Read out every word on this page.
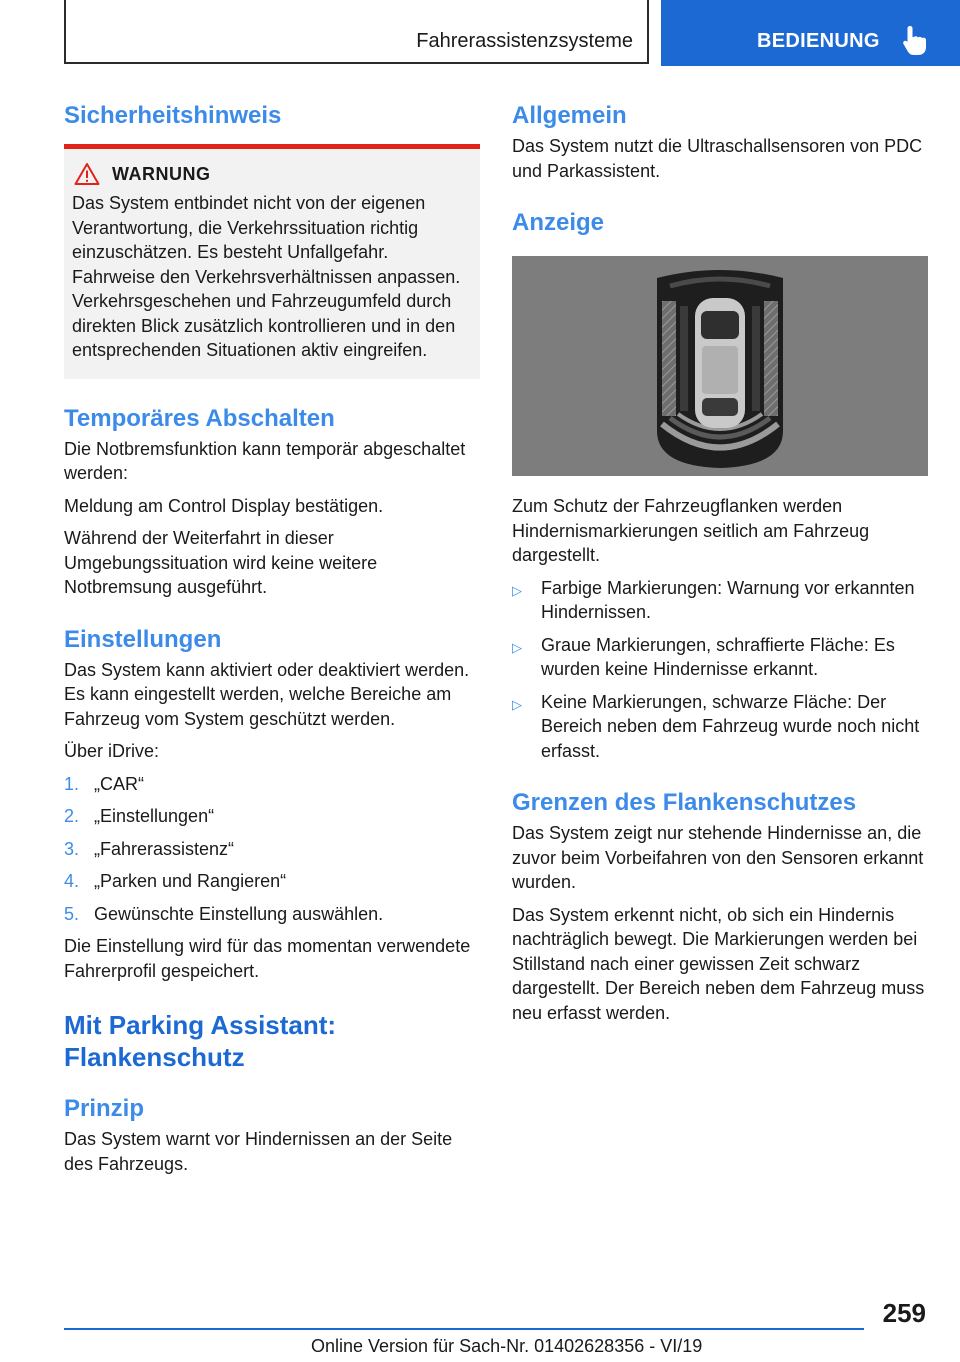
Fahrerassistenzsysteme	BEDIENUNG
Sicherheitshinweis
WARNUNG
Das System entbindet nicht von der eigenen Verantwortung, die Verkehrssituation richtig einzuschätzen. Es besteht Unfallgefahr. Fahrweise den Verkehrsverhältnissen anpassen. Verkehrsgeschehen und Fahrzeugumfeld durch direkten Blick zusätzlich kontrollieren und in den entsprechenden Situationen aktiv eingreifen.
Temporäres Abschalten
Die Notbremsfunktion kann temporär abgeschaltet werden:
Meldung am Control Display bestätigen.
Während der Weiterfahrt in dieser Umgebungssituation wird keine weitere Notbremsung ausgeführt.
Einstellungen
Das System kann aktiviert oder deaktiviert werden. Es kann eingestellt werden, welche Bereiche am Fahrzeug vom System geschützt werden.
Über iDrive:
1. „CAR“
2. „Einstellungen“
3. „Fahrerassistenz“
4. „Parken und Rangieren“
5. Gewünschte Einstellung auswählen.
Die Einstellung wird für das momentan verwendete Fahrerprofil gespeichert.
Mit Parking Assistant: Flankenschutz
Prinzip
Das System warnt vor Hindernissen an der Seite des Fahrzeugs.
Allgemein
Das System nutzt die Ultraschallsensoren von PDC und Parkassistent.
Anzeige
Zum Schutz der Fahrzeugflanken werden Hindernismarkierungen seitlich am Fahrzeug dargestellt.
▷	Farbige Markierungen: Warnung vor erkannten Hindernissen.
▷	Graue Markierungen, schraffierte Fläche: Es wurden keine Hindernisse erkannt.
▷	Keine Markierungen, schwarze Fläche: Der Bereich neben dem Fahrzeug wurde noch nicht erfasst.
Grenzen des Flankenschutzes
Das System zeigt nur stehende Hindernisse an, die zuvor beim Vorbeifahren von den Sensoren erkannt wurden.
Das System erkennt nicht, ob sich ein Hindernis nachträglich bewegt. Die Markierungen werden bei Stillstand nach einer gewissen Zeit schwarz dargestellt. Der Bereich neben dem Fahrzeug muss neu erfasst werden.
259
Online Version für Sach-Nr. 01402628356 - VI/19
